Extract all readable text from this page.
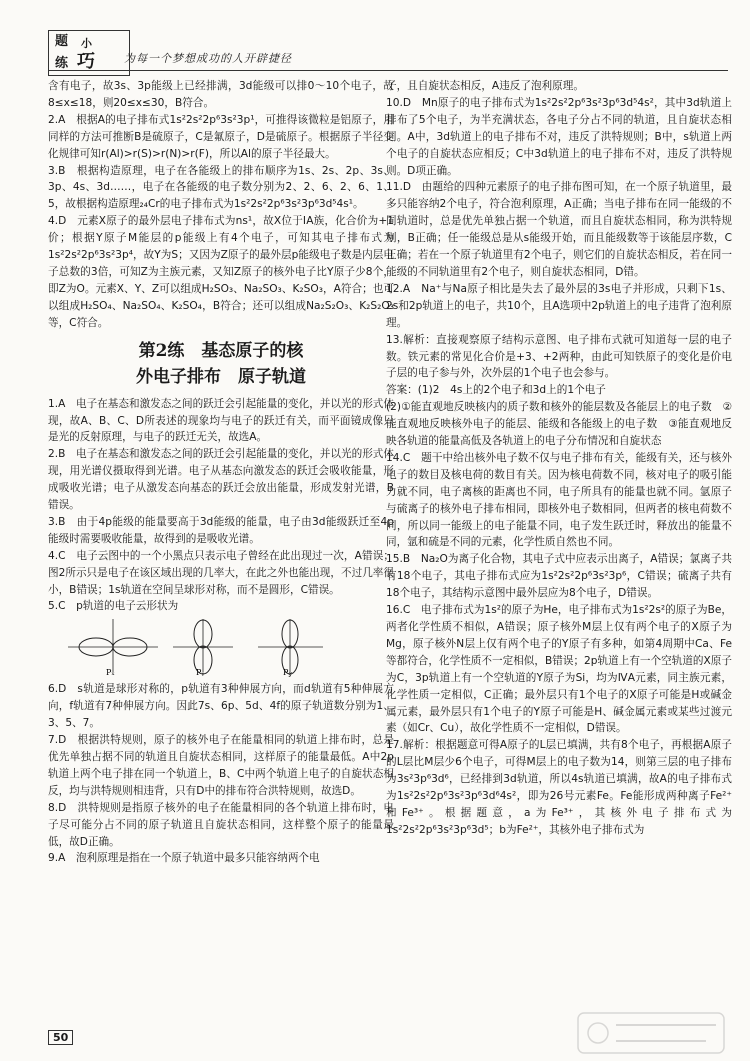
题 小
练 巧	为每一个梦想成功的人开辟捷径

含有电子，故3s、3p能级上已经排满，3d能级可以排0～10个电子，故8≤x≤18，则20≤x≤30，B符合。

2.A　根据A的电子排布式1s²2s²2p⁶3s²3p¹，可推得该微粒是铝原子，用同样的方法可推断B是硫原子，C是氟原子，D是硫原子。根据原子半径变化规律可知r(Al)>r(S)>r(N)>r(F)，所以Al的原子半径最大。

3.B　根据构造原理，电子在各能级上的排布顺序为1s、2s、2p、3s、3p、4s、3d……，电子在各能级的电子数分别为2、2、6、2、6、1、5，故根据构造原理₂₄Cr的电子排布式为1s²2s²2p⁶3s²3p⁶3d⁵4s¹。

4.D　元素X原子的最外层电子排布式为ns¹，故X位于ⅠA族，化合价为+1价；根据Y原子M能层的p能级上有4个电子，可知其电子排布式为1s²2s²2p⁶3s²3p⁴，故Y为S；又因为Z原子的最外层p能级电子数是内层电子总数的3倍，可知Z为主族元素，又知Z原子的核外电子比Y原子少8个，即Z为O。元素X、Y、Z可以组成H₂SO₃、Na₂SO₃、K₂SO₃，A符合；也可以组成H₂SO₄、Na₂SO₄、K₂SO₄，B符合；还可以组成Na₂S₂O₃、K₂S₂O₃等，C符合。

第2练　基态原子的核
外电子排布　原子轨道

1.A　电子在基态和激发态之间的跃迁会引起能量的变化，并以光的形式体现，故A、B、C、D所表述的现象均与电子的跃迁有关，而平面镜成像只是光的反射原理，与电子的跃迁无关，故选A。

2.B　电子在基态和激发态之间的跃迁会引起能量的变化，并以光的形式体现，用光谱仪摄取得到光谱。电子从基态向激发态的跃迁会吸收能量，形成吸收光谱；电子从激发态向基态的跃迁会放出能量，形成发射光谱，B错误。

3.B　由于4p能级的能量要高于3d能级的能量，电子由3d能级跃迁至4p能级时需要吸收能量，故得到的是吸收光谱。

4.C　电子云图中的一个小黑点只表示电子曾经在此出现过一次，A错误；图2所示只是电子在该区域出现的几率大，在此之外也能出现，不过几率很小，B错误；1s轨道在空间呈球形对称，而不是圆形，C错误。

5.C　p轨道的电子云形状为

Pₓ	Pᵧ	P𝓏

6.D　s轨道是球形对称的，p轨道有3种伸展方向，而d轨道有5种伸展方向，f轨道有7种伸展方向。因此7s、6p、5d、4f的原子轨道数分别为1、3、5、7。

7.D　根据洪特规则，原子的核外电子在能量相同的轨道上排布时，总是优先单独占据不同的轨道且自旋状态相同，这样原子的能量最低。A中2p轨道上两个电子排在同一个轨道上，B、C中两个轨道上电子的自旋状态相反，均与洪特规则相违背，只有D中的排布符合洪特规则，故选D。

8.D　洪特规则是指原子核外的电子在能量相同的各个轨道上排布时，电子尽可能分占不同的原子轨道且自旋状态相同，这样整个原子的能量最低，故D正确。

9.A　泡利原理是指在一个原子轨道中最多只能容纳两个电

子，且自旋状态相反，A违反了泡利原理。

10.D　Mn原子的电子排布式为1s²2s²2p⁶3s²3p⁶3d⁵4s²，其中3d轨道上排布了5个电子，为半充满状态，各电子分占不同的轨道，且自旋状态相同。A中，3d轨道上的电子排布不对，违反了洪特规则；B中，s轨道上两个电子的自旋状态应相反；C中3d轨道上的电子排布不对，违反了洪特规则。D项正确。

11.D　由题给的四种元素原子的电子排布图可知，在一个原子轨道里，最多只能容纳2个电子，符合泡利原理，A正确；当电子排布在同一能级的不同轨道时，总是优先单独占据一个轨道，而且自旋状态相同，称为洪特规则，B正确；任一能级总是从s能级开始，而且能级数等于该能层序数，C正确；若在一个原子轨道里有2个电子，则它们的自旋状态相反，若在同一能级的不同轨道里有2个电子，则自旋状态相同，D错。

12.A　Na⁺与Na原子相比是失去了最外层的3s电子并形成，只剩下1s、2s和2p轨道上的电子，共10个，且A选项中2p轨道上的电子违背了泡利原理。

13.解析：直接观察原子结构示意图、电子排布式就可知道每一层的电子数。铁元素的常见化合价是+3、+2两种，由此可知铁原子的变化是价电子层的电子参与外，次外层的1个电子也会参与。

答案：(1)2　4s上的2个电子和3d上的1个电子

(2)①能直观地反映核内的质子数和核外的能层数及各能层上的电子数　②能直观地反映核外电子的能层、能级和各能级上的电子数　③能直观地反映各轨道的能量高低及各轨道上的电子分布情况和自旋状态

14.C　题干中给出核外电子数不仅与电子排布有关，能级有关，还与核外电子的数目及核电荷的数目有关。因为核电荷数不同，核对电子的吸引能力就不同，电子离核的距离也不同，电子所具有的能量也就不同。氩原子与硫离子的核外电子排布相同，即核外电子数相同，但两者的核电荷数不同，所以同一能级上的电子能量不同，电子发生跃迁时，释放出的能量不同，氩和硫是不同的元素，化学性质自然也不同。

15.B　Na₂O为离子化合物，其电子式中应表示出离子，A错误；氯离子共有18个电子，其电子排布式应为1s²2s²2p⁶3s²3p⁶，C错误；硫离子共有18个电子，其结构示意图中最外层应为8个电子，D错误。

16.C　电子排布式为1s²的原子为He，电子排布式为1s²2s²的原子为Be，两者化学性质不相似，A错误；原子核外M层上仅有两个电子的X原子为Mg，原子核外N层上仅有两个电子的Y原子有多种，如第4周期中Ca、Fe等都符合，化学性质不一定相似，B错误；2p轨道上有一个空轨道的X原子为C，3p轨道上有一个空轨道的Y原子为Si，均为ⅣA元素，同主族元素，化学性质一定相似，C正确；最外层只有1个电子的X原子可能是H或碱金属元素，最外层只有1个电子的Y原子可能是H、碱金属元素或某些过渡元素（如Cr、Cu），故化学性质不一定相似，D错误。

17.解析：根据题意可得A原子的L层已填满，共有8个电子，再根据A原子的L层比M层少6个电子，可得M层上的电子数为14，则第三层的电子排布为3s²3p⁶3d⁶，已经排到3d轨道，所以4s轨道已填满，故A的电子排布式为1s²2s²2p⁶3s²3p⁶3d⁶4s²，即为26号元素Fe。Fe能形成两种离子Fe²⁺和Fe³⁺。根据题意，a为Fe³⁺，其核外电子排布式为1s²2s²2p⁶3s²3p⁶3d⁵；b为Fe²⁺，其核外电子排布式为

50
